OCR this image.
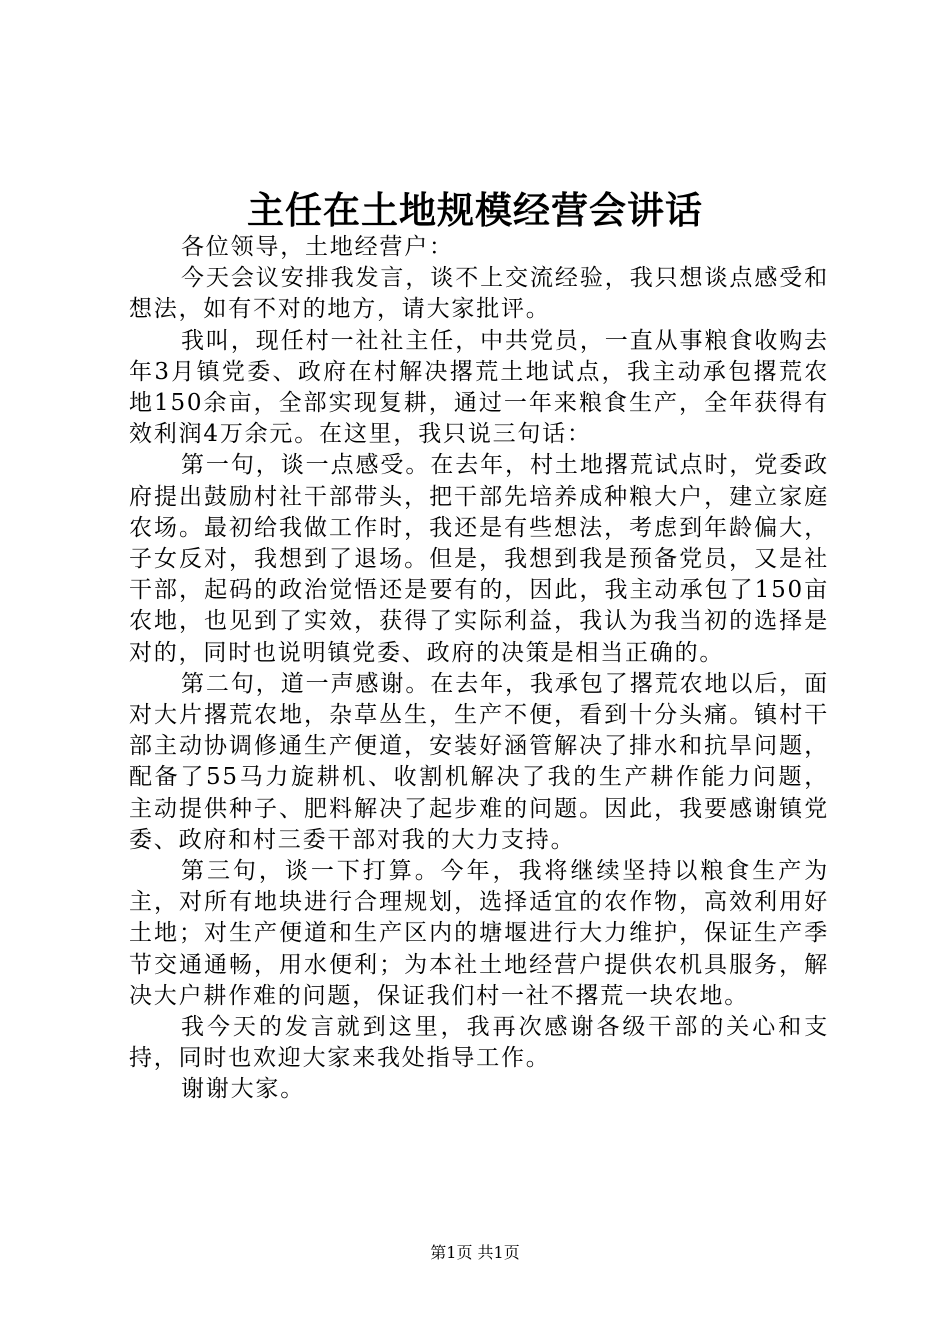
主任在土地规模经营会讲话

各位领导，土地经营户：

今天会议安排我发言，谈不上交流经验，我只想谈点感受和想法，如有不对的地方，请大家批评。

我叫，现任村一社社主任，中共党员，一直从事粮食收购去年3月镇党委、政府在村解决撂荒土地试点，我主动承包撂荒农地150余亩，全部实现复耕，通过一年来粮食生产，全年获得有效利润4万余元。在这里，我只说三句话：

第一句，谈一点感受。在去年，村土地撂荒试点时，党委政府提出鼓励村社干部带头，把干部先培养成种粮大户，建立家庭农场。最初给我做工作时，我还是有些想法，考虑到年龄偏大，子女反对，我想到了退场。但是，我想到我是预备党员，又是社干部，起码的政治觉悟还是要有的，因此，我主动承包了150亩农地，也见到了实效，获得了实际利益，我认为我当初的选择是对的，同时也说明镇党委、政府的决策是相当正确的。

第二句，道一声感谢。在去年，我承包了撂荒农地以后，面对大片撂荒农地，杂草丛生，生产不便，看到十分头痛。镇村干部主动协调修通生产便道，安装好涵管解决了排水和抗旱问题，配备了55马力旋耕机、收割机解决了我的生产耕作能力问题，主动提供种子、肥料解决了起步难的问题。因此，我要感谢镇党委、政府和村三委干部对我的大力支持。

第三句，谈一下打算。今年，我将继续坚持以粮食生产为主，对所有地块进行合理规划，选择适宜的农作物，高效利用好土地；对生产便道和生产区内的塘堰进行大力维护，保证生产季节交通通畅，用水便利；为本社土地经营户提供农机具服务，解决大户耕作难的问题，保证我们村一社不撂荒一块农地。

我今天的发言就到这里，我再次感谢各级干部的关心和支持，同时也欢迎大家来我处指导工作。

谢谢大家。

第1页 共1页
